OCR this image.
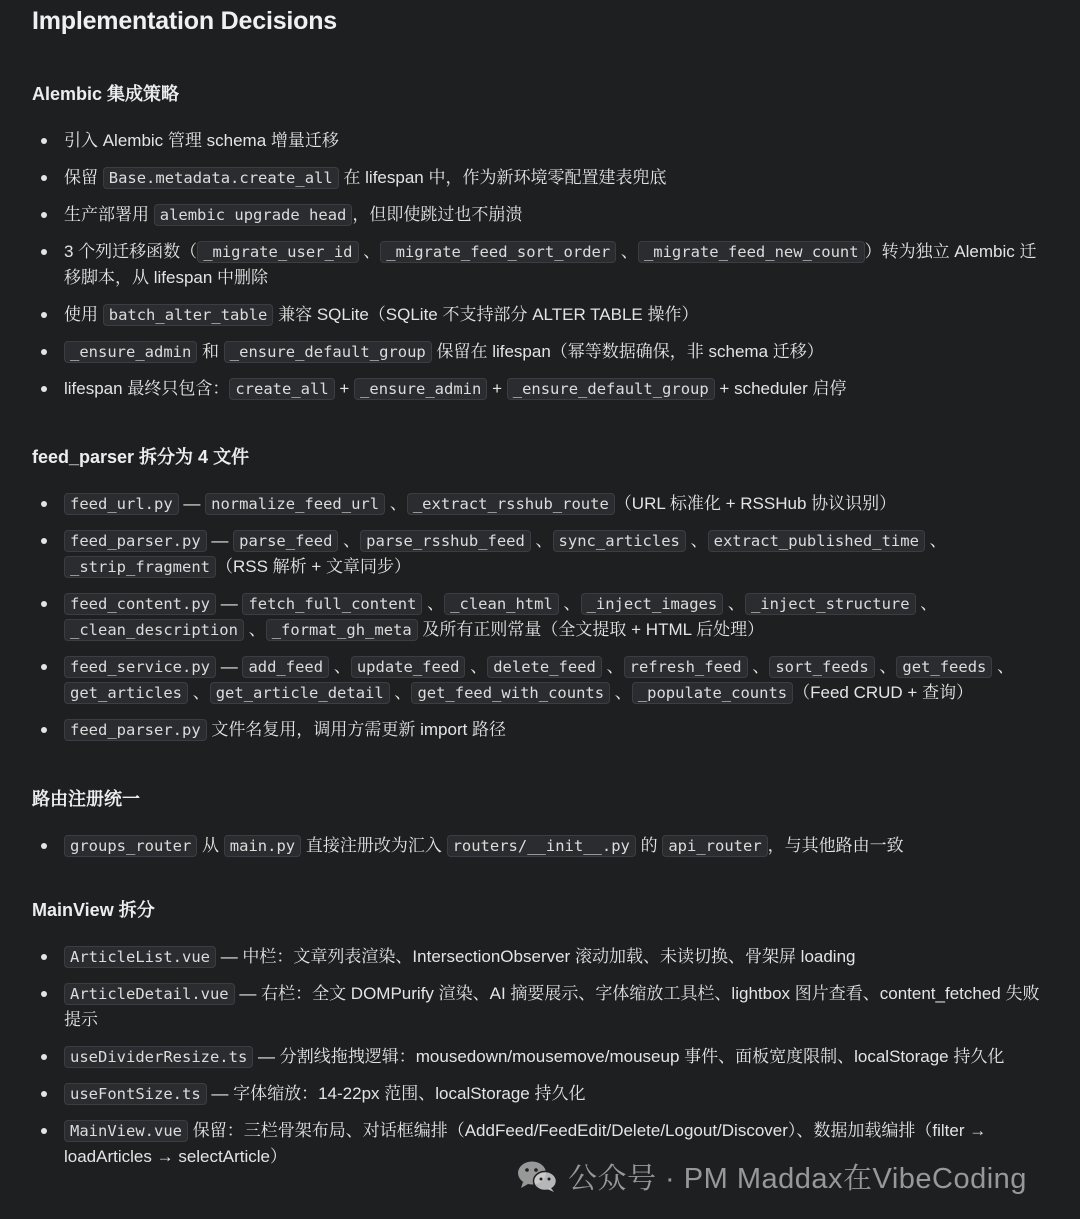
Implementation Decisions
公众号 · PM Maddax在VibeCoding
Alembic 集成策略
引入 Alembic 管理 schema 增量迁移
保留 Base.metadata.create_all 在 lifespan 中，作为新环境零配置建表兜底
生产部署用 alembic upgrade head ，但即使跳过也不崩溃
3 个列迁移函数（ _migrate_user_id 、 _migrate_feed_sort_order 、 _migrate_feed_new_count ）转为独立 Alembic 迁移脚本，从 lifespan 中删除
使用 batch_alter_table 兼容 SQLite（SQLite 不支持部分 ALTER TABLE 操作）
_ensure_admin 和 _ensure_default_group 保留在 lifespan（幂等数据确保，非 schema 迁移）
lifespan 最终只包含： create_all + _ensure_admin + _ensure_default_group + scheduler 启停
feed_parser 拆分为 4 文件
feed_url.py — normalize_feed_url 、 _extract_rsshub_route （URL 标准化 + RSSHub 协议识别）
feed_parser.py — parse_feed 、 parse_rsshub_feed 、 sync_articles 、 extract_published_time 、_strip_fragment （RSS 解析 + 文章同步）
feed_content.py — fetch_full_content 、 _clean_html 、 _inject_images 、 _inject_structure 、_clean_description 、 _format_gh_meta 及所有正则常量（全文提取 + HTML 后处理）
feed_service.py — add_feed 、 update_feed 、 delete_feed 、 refresh_feed 、 sort_feeds 、 get_feeds 、get_articles 、 get_article_detail 、 get_feed_with_counts 、 _populate_counts （Feed CRUD + 查询）
feed_parser.py 文件名复用，调用方需更新 import 路径
路由注册统一
groups_router 从 main.py 直接注册改为汇入 routers/__init__.py 的 api_router ，与其他路由一致
MainView 拆分
ArticleList.vue — 中栏：文章列表渲染、IntersectionObserver 滚动加载、未读切换、骨架屏 loading
ArticleDetail.vue — 右栏：全文 DOMPurify 渲染、AI 摘要展示、字体缩放工具栏、lightbox 图片查看、content_fetched 失败提示
useDividerResize.ts — 分割线拖拽逻辑：mousedown/mousemove/mouseup 事件、面板宽度限制、localStorage 持久化
useFontSize.ts — 字体缩放：14-22px 范围、localStorage 持久化
MainView.vue 保留：三栏骨架布局、对话框编排（AddFeed/FeedEdit/Delete/Logout/Discover）、数据加载编排（filter → loadArticles → selectArticle）
